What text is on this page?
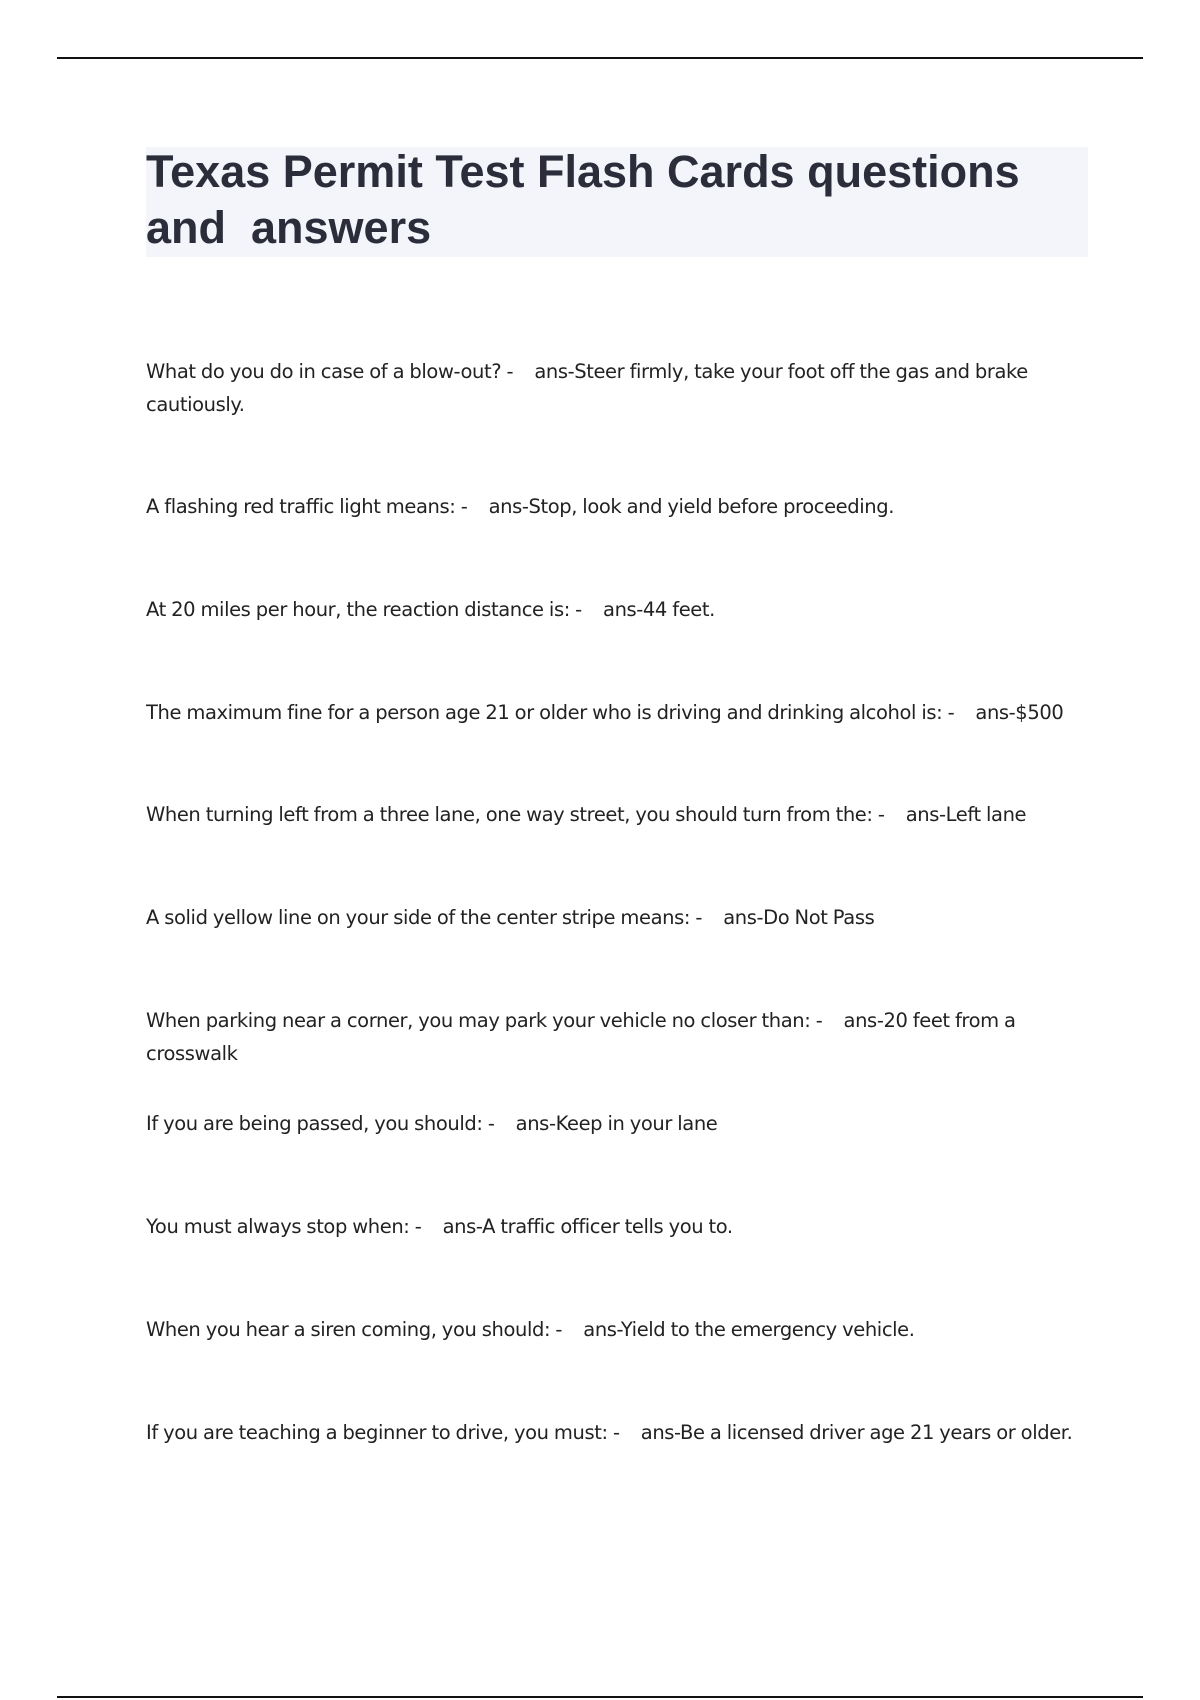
Texas Permit Test Flash Cards questions
and  answers
What do you do in case of a blow-out? -    ans-Steer firmly, take your foot off the gas and brake cautiously.
A flashing red traffic light means: -    ans-Stop, look and yield before proceeding.
At 20 miles per hour, the reaction distance is: -    ans-44 feet.
The maximum fine for a person age 21 or older who is driving and drinking alcohol is: -    ans-$500
When turning left from a three lane, one way street, you should turn from the: -    ans-Left lane
A solid yellow line on your side of the center stripe means: -    ans-Do Not Pass
When parking near a corner, you may park your vehicle no closer than: -    ans-20 feet from a crosswalk
If you are being passed, you should: -    ans-Keep in your lane
You must always stop when: -    ans-A traffic officer tells you to.
When you hear a siren coming, you should: -    ans-Yield to the emergency vehicle.
If you are teaching a beginner to drive, you must: -    ans-Be a licensed driver age 21 years or older.
